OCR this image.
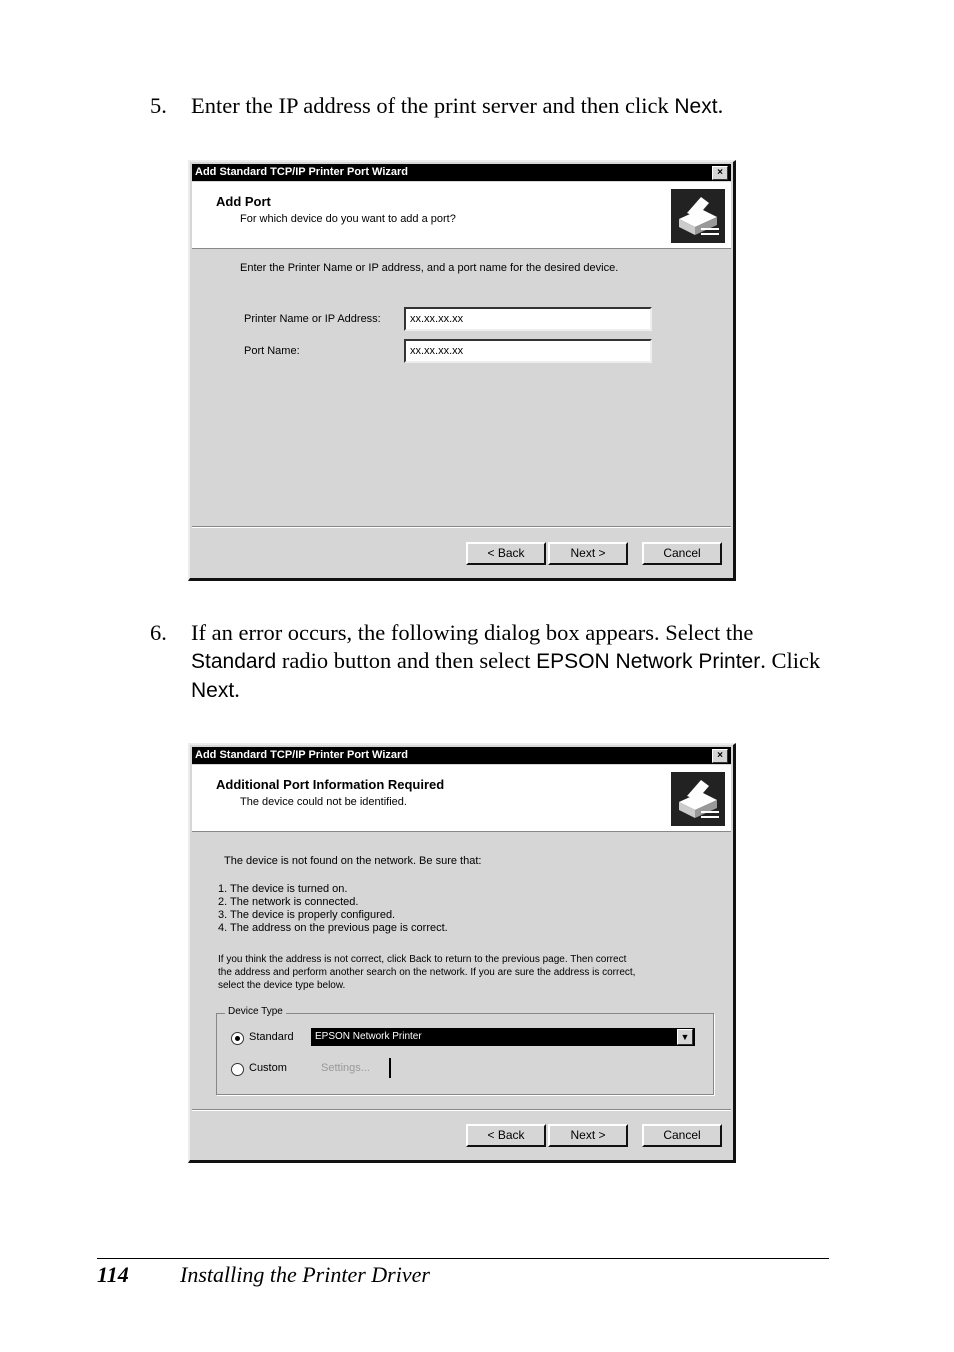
5. Enter the IP address of the print server and then click Next.
Add Standard TCP/IP Printer Port Wizard	×
Add Port
For which device do you want to add a port?
Enter the Printer Name or IP address, and a port name for the desired device.
Printer Name or IP Address:	xx.xx.xx.xx
Port Name:	xx.xx.xx.xx
< Back	Next >	Cancel
6. If an error occurs, the following dialog box appears. Select the Standard radio button and then select EPSON Network Printer. Click Next.
Add Standard TCP/IP Printer Port Wizard	×
Additional Port Information Required
The device could not be identified.
The device is not found on the network. Be sure that:
1. The device is turned on.
2. The network is connected.
3. The device is properly configured.
4. The address on the previous page is correct.
If you think the address is not correct, click Back to return to the previous page. Then correct
the address and perform another search on the network. If you are sure the address is correct,
select the device type below.
Device Type
Standard	EPSON Network Printer	▼
Custom	Settings...
< Back	Next >	Cancel
114 Installing the Printer Driver
